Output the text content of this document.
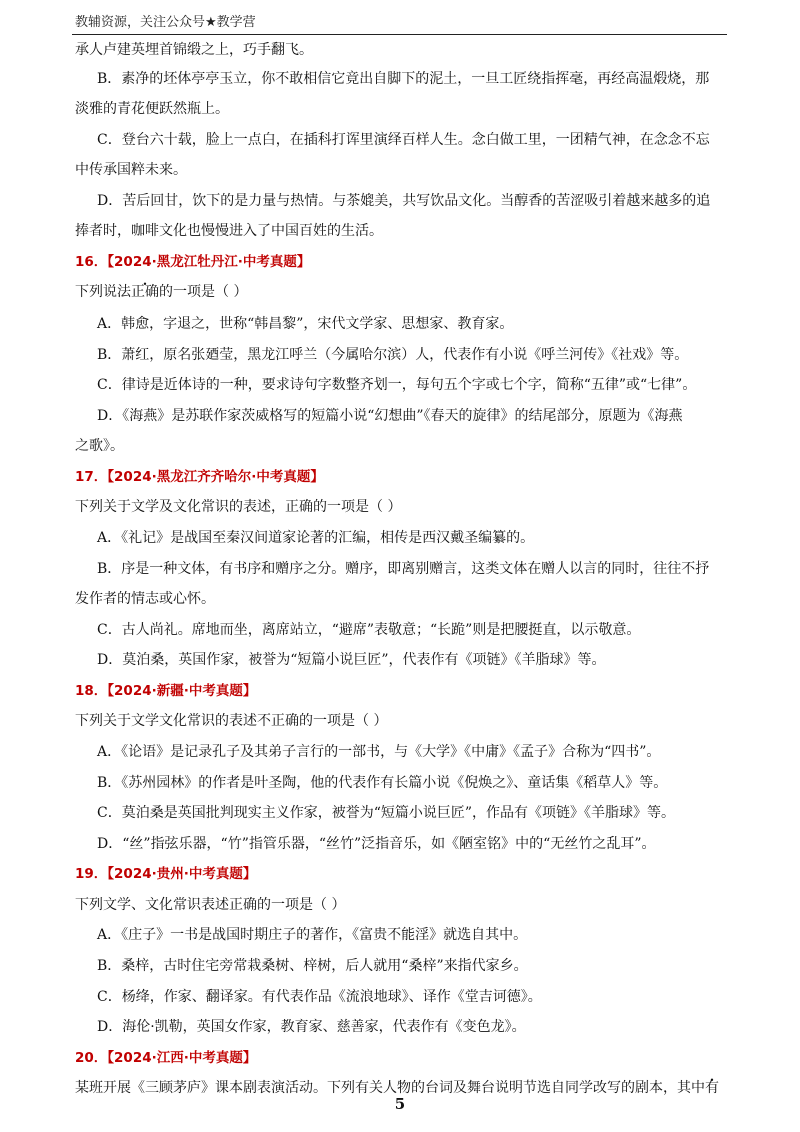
教辅资源，关注公众号★教学营
承人卢建英埋首锦缎之上，巧手翻飞。
B．素净的坯体亭亭玉立，你不敢相信它竟出自脚下的泥土，一旦工匠绕指挥毫，再经高温煅烧，那
淡雅的青花便跃然瓶上。
C．登台六十载，脸上一点白，在插科打诨里演绎百样人生。念白做工里，一团精气神，在念念不忘
中传承国粹未来。
D．苦后回甘，饮下的是力量与热情。与茶媲美，共写饮品文化。当醇香的苦涩吸引着越来越多的追
捧者时，咖啡文化也慢慢进入了中国百姓的生活。
16．【2024·黑龙江牡丹江·中考真题】
下列说法正确的一项是（ ）
A．韩愈，字退之，世称“韩昌黎”，宋代文学家、思想家、教育家。
B．萧红，原名张廼莹，黑龙江呼兰（今属哈尔滨）人，代表作有小说《呼兰河传》《社戏》等。
C．律诗是近体诗的一种，要求诗句字数整齐划一，每句五个字或七个字，简称“五律”或“七律”。
D．《海燕》是苏联作家茨威格写的短篇小说“幻想曲”《春天的旋律》的结尾部分，原题为《海燕
之歌》。
17．【2024·黑龙江齐齐哈尔·中考真题】
下列关于文学及文化常识的表述，正确的一项是（ ）
A．《礼记》是战国至秦汉间道家论著的汇编，相传是西汉戴圣编纂的。
B．序是一种文体，有书序和赠序之分。赠序，即离别赠言，这类文体在赠人以言的同时，往往不抒
发作者的情志或心怀。
C．古人尚礼。席地而坐，离席站立，“避席”表敬意；“长跪”则是把腰挺直，以示敬意。
D．莫泊桑，英国作家，被誉为“短篇小说巨匠”，代表作有《项链》《羊脂球》等。
18．【2024·新疆·中考真题】
下列关于文学文化常识的表述不正确的一项是（ ）
A．《论语》是记录孔子及其弟子言行的一部书，与《大学》《中庸》《孟子》合称为“四书”。
B．《苏州园林》的作者是叶圣陶，他的代表作有长篇小说《倪焕之》、童话集《稻草人》等。
C．莫泊桑是英国批判现实主义作家，被誉为“短篇小说巨匠”，作品有《项链》《羊脂球》等。
D．“丝”指弦乐器，“竹”指管乐器，“丝竹”泛指音乐，如《陋室铭》中的“无丝竹之乱耳”。
19．【2024·贵州·中考真题】
下列文学、文化常识表述正确的一项是（ ）
A．《庄子》一书是战国时期庄子的著作，《富贵不能淫》就选自其中。
B．桑梓，古时住宅旁常栽桑树、梓树，后人就用“桑梓”来指代家乡。
C．杨绛，作家、翻译家。有代表作品《流浪地球》、译作《堂吉诃德》。
D．海伦·凯勒，英国女作家，教育家、慈善家，代表作有《变色龙》。
20．【2024·江西·中考真题】
某班开展《三顾茅庐》课本剧表演活动。下列有关人物的台词及舞台说明节选自同学改写的剧本，其中有
5
